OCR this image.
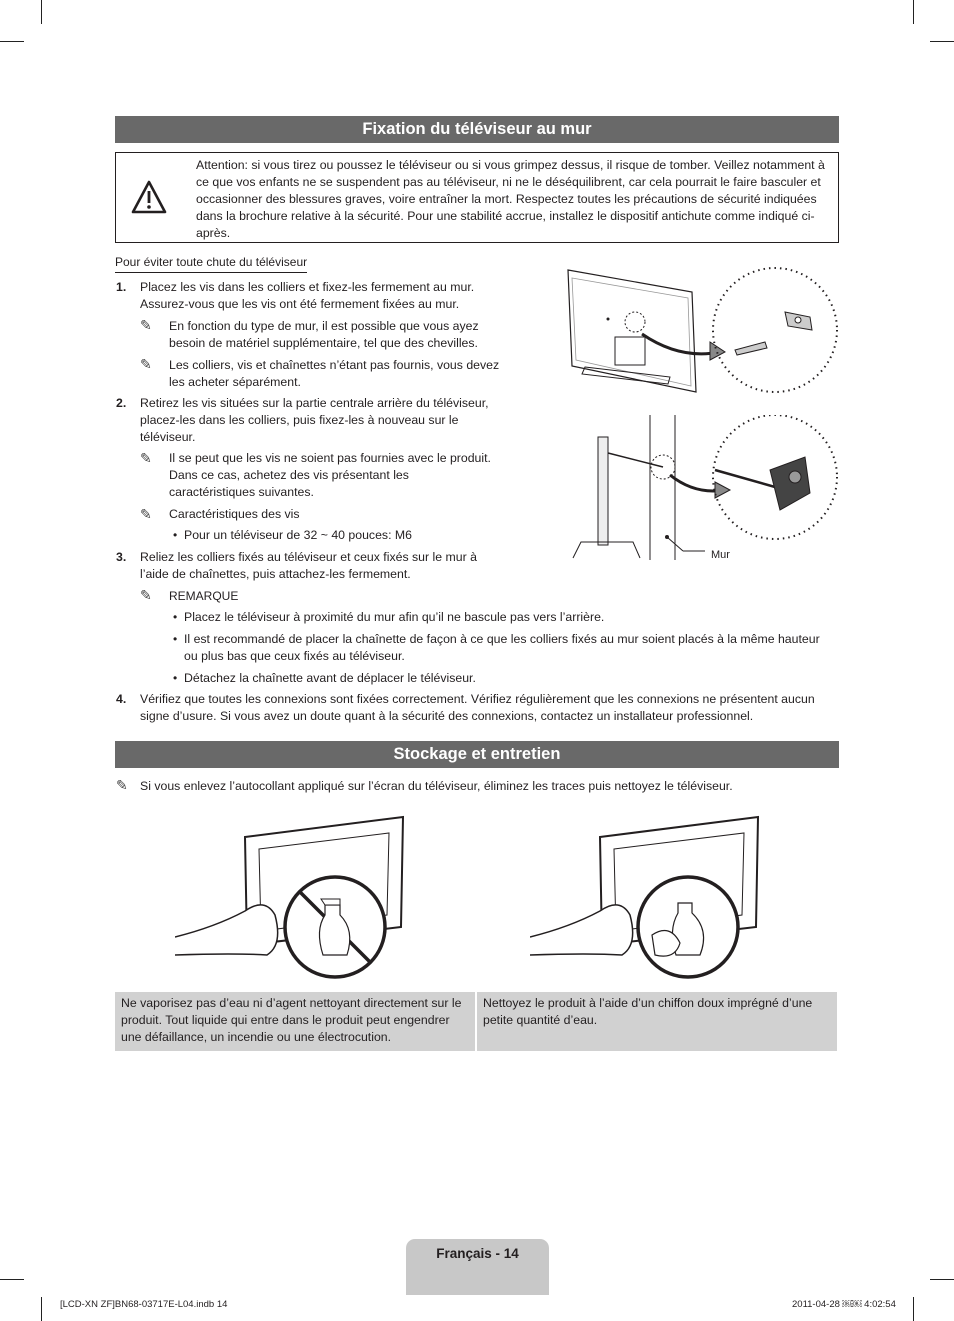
Fixation du téléviseur au mur
Attention: si vous tirez ou poussez le téléviseur ou si vous grimpez dessus, il risque de tomber. Veillez notamment à ce que vos enfants ne se suspendent pas au téléviseur, ni ne le déséquilibrent, car cela pourrait le faire basculer et occasionner des blessures graves, voire entraîner la mort. Respectez toutes les précautions de sécurité indiquées dans la brochure relative à la sécurité. Pour une stabilité accrue, installez le dispositif antichute comme indiqué ci-après.
Pour éviter toute chute du téléviseur
1. Placez les vis dans les colliers et fixez-les fermement au mur. Assurez-vous que les vis ont été fermement fixées au mur.
✎ En fonction du type de mur, il est possible que vous ayez besoin de matériel supplémentaire, tel que des chevilles.
✎ Les colliers, vis et chaînettes n’étant pas fournis, vous devez les acheter séparément.
2. Retirez les vis situées sur la partie centrale arrière du téléviseur, placez-les dans les colliers, puis fixez-les à nouveau sur le téléviseur.
✎ Il se peut que les vis ne soient pas fournies avec le produit. Dans ce cas, achetez des vis présentant les caractéristiques suivantes.
✎ Caractéristiques des vis
• Pour un téléviseur de 32 ~ 40 pouces: M6
3. Reliez les colliers fixés au téléviseur et ceux fixés sur le mur à l’aide de chaînettes, puis attachez-les fermement.
✎ REMARQUE
• Placez le téléviseur à proximité du mur afin qu’il ne bascule pas vers l’arrière.
• Il est recommandé de placer la chaînette de façon à ce que les colliers fixés au mur soient placés à la même hauteur ou plus bas que ceux fixés au téléviseur.
• Détachez la chaînette avant de déplacer le téléviseur.
4. Vérifiez que toutes les connexions sont fixées correctement. Vérifiez régulièrement que les connexions ne présentent aucun signe d’usure. Si vous avez un doute quant à la sécurité des connexions, contactez un installateur professionnel.
Mur
Stockage et entretien
✎ Si vous enlevez l’autocollant appliqué sur l’écran du téléviseur, éliminez les traces puis nettoyez le téléviseur.
Ne vaporisez pas d’eau ni d’agent nettoyant directement sur le produit. Tout liquide qui entre dans le produit peut engendrer une défaillance, un incendie ou une électrocution.
Nettoyez le produit à l’aide d’un chiffon doux imprégné d’une petite quantité d’eau.
Français - 14
[LCD-XN ZF]BN68-03717E-L04.indb 14	2011-04-28 ￼￼ 4:02:54
